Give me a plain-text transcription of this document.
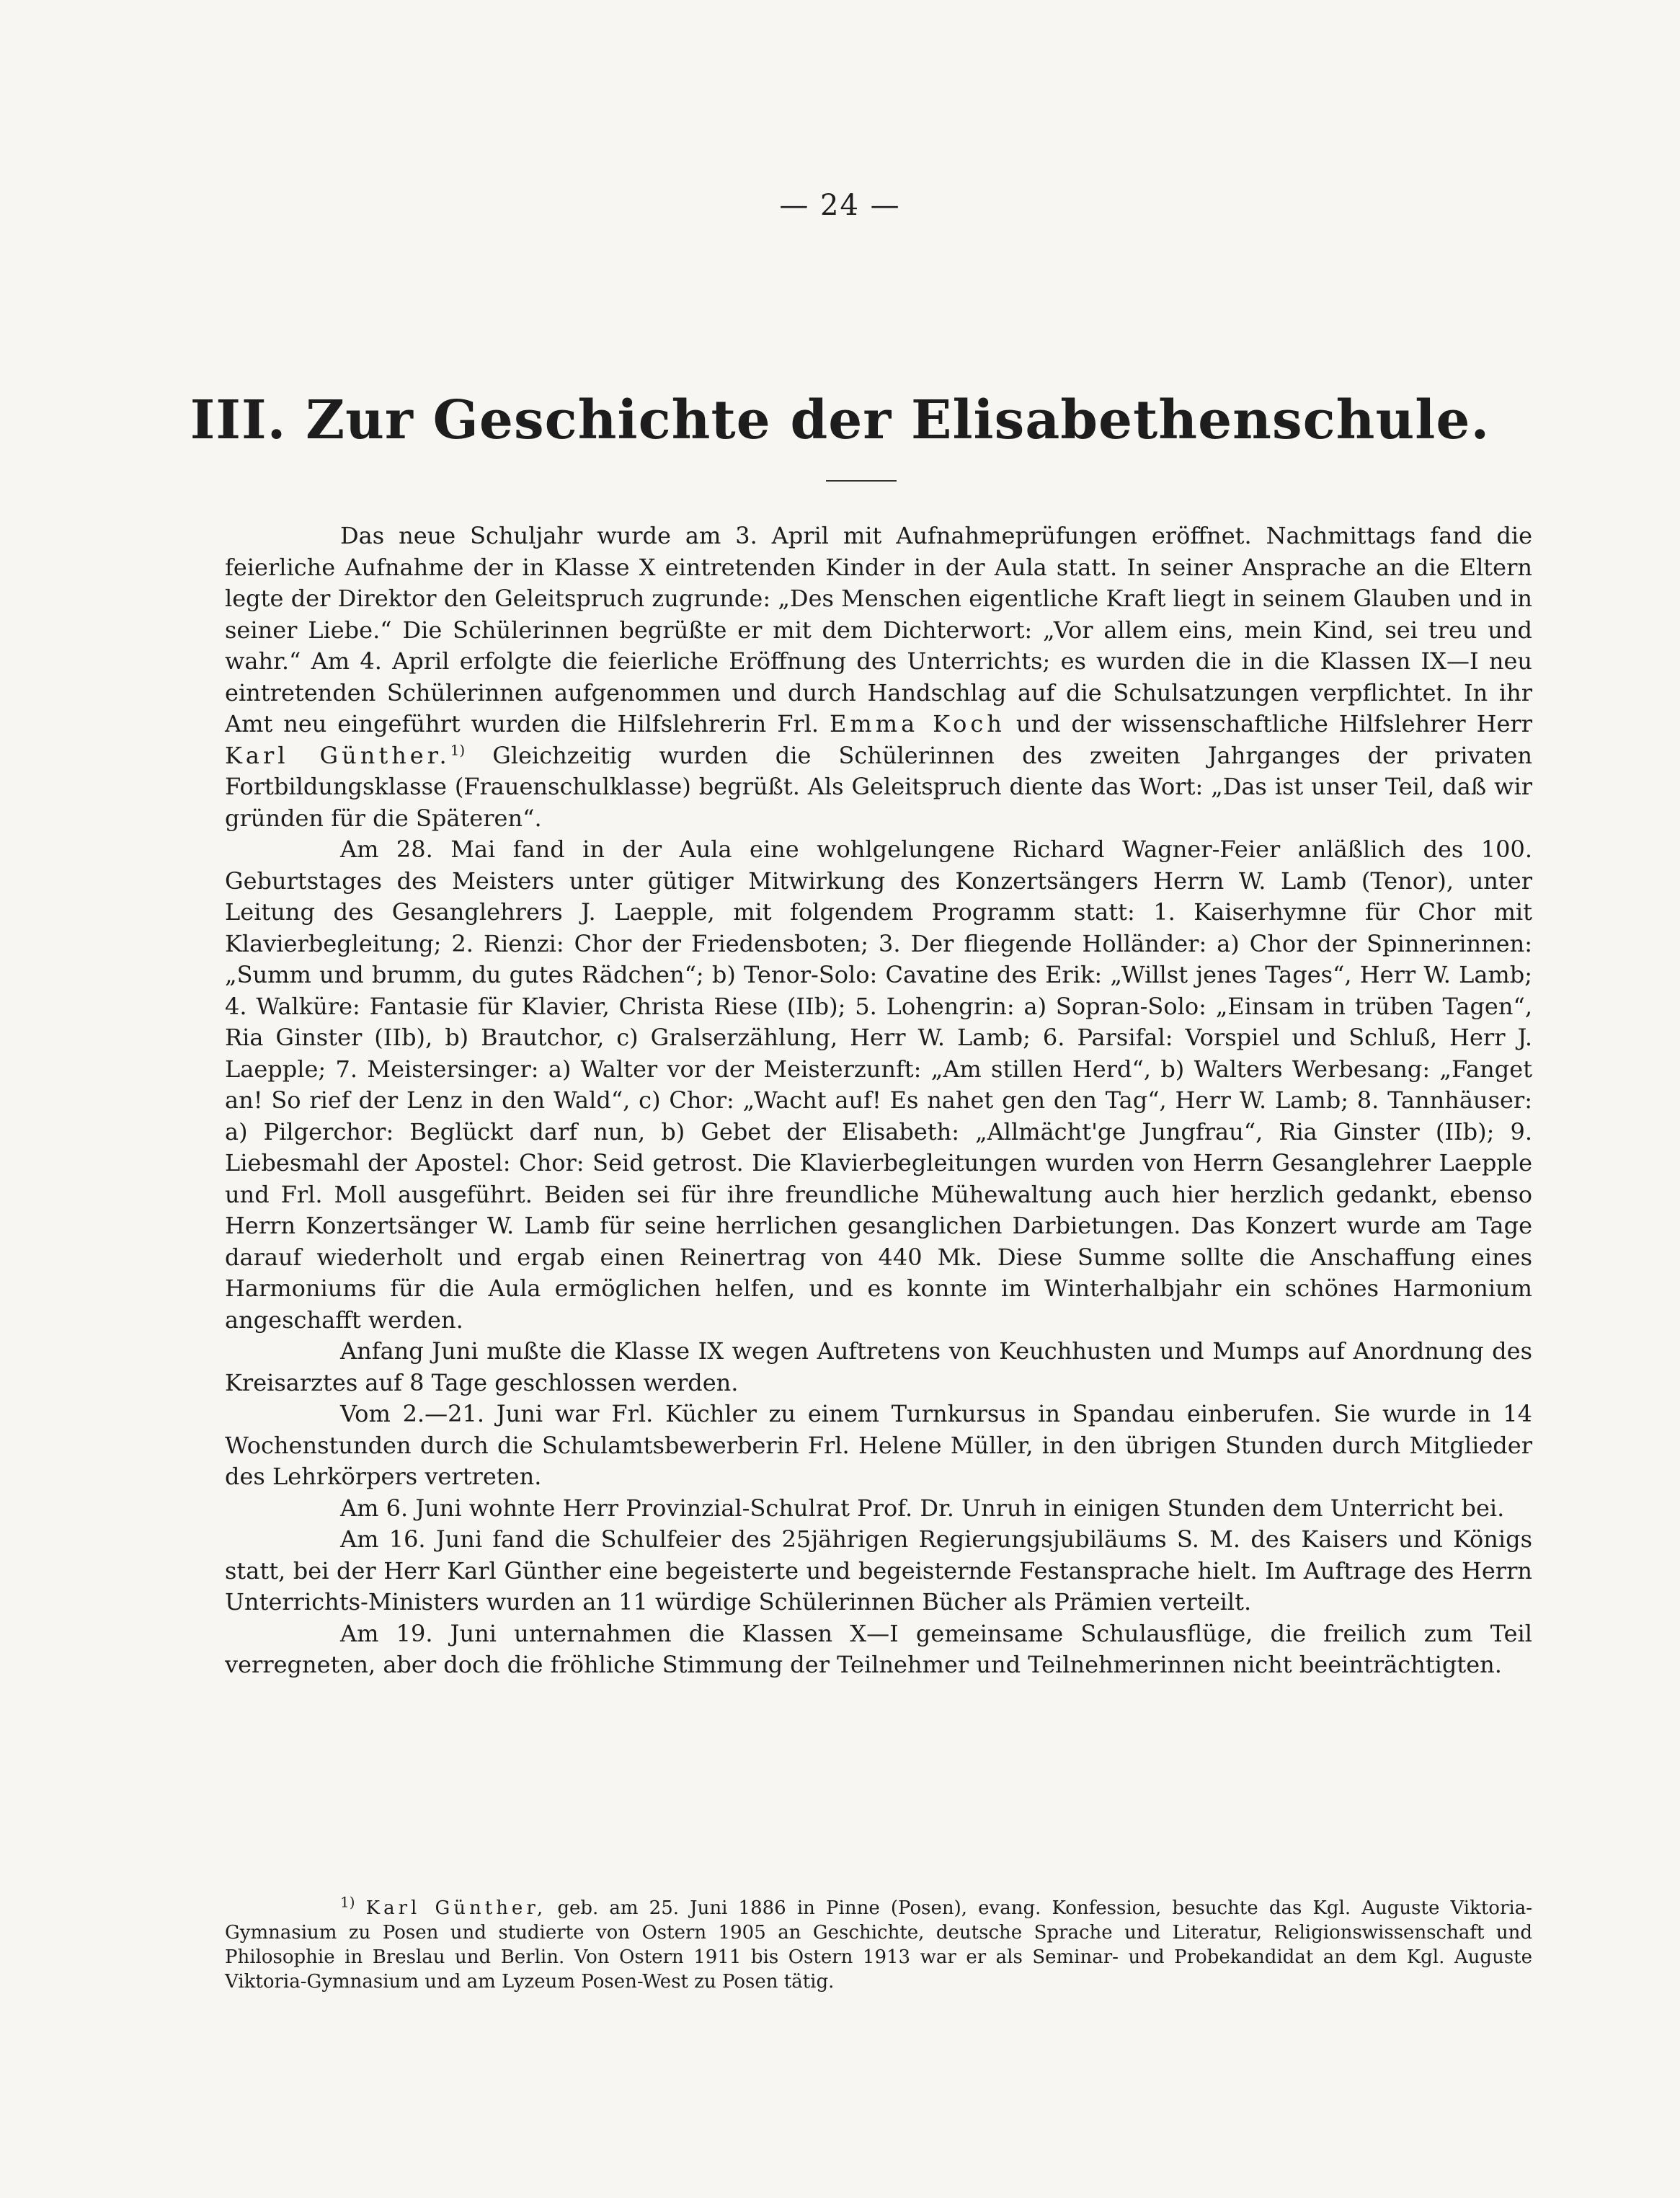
— 24 —
III. Zur Geschichte der Elisabethenschule.

Das neue Schuljahr wurde am 3. April mit Aufnahmeprüfungen eröffnet. Nachmittags fand die feierliche Aufnahme der in Klasse X eintretenden Kinder in der Aula statt. In seiner Ansprache an die Eltern legte der Direktor den Geleitspruch zugrunde: „Des Menschen eigentliche Kraft liegt in seinem Glauben und in seiner Liebe.“ Die Schülerinnen begrüßte er mit dem Dichterwort: „Vor allem eins, mein Kind, sei treu und wahr.“ Am 4. April erfolgte die feierliche Eröffnung des Unterrichts; es wurden die in die Klassen IX—I neu eintretenden Schülerinnen aufgenommen und durch Handschlag auf die Schulsatzungen verpflichtet. In ihr Amt neu eingeführt wurden die Hilfslehrerin Frl. Emma Koch und der wissenschaftliche Hilfslehrer Herr Karl Günther.$^{1)}$ Gleichzeitig wurden die Schülerinnen des zweiten Jahrganges der privaten Fortbildungsklasse (Frauenschulklasse) begrüßt. Als Geleitspruch diente das Wort: „Das ist unser Teil, daß wir gründen für die Späteren“.

Am 28. Mai fand in der Aula eine wohlgelungene Richard Wagner-Feier anläßlich des 100. Geburtstages des Meisters unter gütiger Mitwirkung des Konzertsängers Herrn W. Lamb (Tenor), unter Leitung des Gesanglehrers J. Laepple, mit folgendem Programm statt: 1. Kaiserhymne für Chor mit Klavierbegleitung; 2. Rienzi: Chor der Friedensboten; 3. Der fliegende Holländer: a) Chor der Spinnerinnen: „Summ und brumm, du gutes Rädchen“; b) Tenor-Solo: Cavatine des Erik: „Willst jenes Tages“, Herr W. Lamb; 4. Walküre: Fantasie für Klavier, Christa Riese (IIb); 5. Lohengrin: a) Sopran-Solo: „Einsam in trüben Tagen“, Ria Ginster (IIb), b) Brautchor, c) Gralserzählung, Herr W. Lamb; 6. Parsifal: Vorspiel und Schluß, Herr J. Laepple; 7. Meistersinger: a) Walter vor der Meisterzunft: „Am stillen Herd“, b) Walters Werbesang: „Fanget an! So rief der Lenz in den Wald“, c) Chor: „Wacht auf! Es nahet gen den Tag“, Herr W. Lamb; 8. Tannhäuser: a) Pilgerchor: Beglückt darf nun, b) Gebet der Elisabeth: „Allmächt'ge Jungfrau“, Ria Ginster (IIb); 9. Liebesmahl der Apostel: Chor: Seid getrost. Die Klavierbegleitungen wurden von Herrn Gesanglehrer Laepple und Frl. Moll ausgeführt. Beiden sei für ihre freundliche Mühewaltung auch hier herzlich gedankt, ebenso Herrn Konzertsänger W. Lamb für seine herrlichen gesanglichen Darbietungen. Das Konzert wurde am Tage darauf wiederholt und ergab einen Reinertrag von 440 Mk. Diese Summe sollte die Anschaffung eines Harmoniums für die Aula ermöglichen helfen, und es konnte im Winterhalbjahr ein schönes Harmonium angeschafft werden.

Anfang Juni mußte die Klasse IX wegen Auftretens von Keuchhusten und Mumps auf Anordnung des Kreisarztes auf 8 Tage geschlossen werden.

Vom 2.—21. Juni war Frl. Küchler zu einem Turnkursus in Spandau einberufen. Sie wurde in 14 Wochenstunden durch die Schulamtsbewerberin Frl. Helene Müller, in den übrigen Stunden durch Mitglieder des Lehrkörpers vertreten.

Am 6. Juni wohnte Herr Provinzial-Schulrat Prof. Dr. Unruh in einigen Stunden dem Unterricht bei.

Am 16. Juni fand die Schulfeier des 25jährigen Regierungsjubiläums S. M. des Kaisers und Königs statt, bei der Herr Karl Günther eine begeisterte und begeisternde Festansprache hielt. Im Auftrage des Herrn Unterrichts-Ministers wurden an 11 würdige Schülerinnen Bücher als Prämien verteilt.

Am 19. Juni unternahmen die Klassen X—I gemeinsame Schulausflüge, die freilich zum Teil verregneten, aber doch die fröhliche Stimmung der Teilnehmer und Teilnehmerinnen nicht beeinträchtigten.

$^{1)}$ Karl Günther, geb. am 25. Juni 1886 in Pinne (Posen), evang. Konfession, besuchte das Kgl. Auguste Viktoria-Gymnasium zu Posen und studierte von Ostern 1905 an Geschichte, deutsche Sprache und Literatur, Religionswissenschaft und Philosophie in Breslau und Berlin. Von Ostern 1911 bis Ostern 1913 war er als Seminar- und Probekandidat an dem Kgl. Auguste Viktoria-Gymnasium und am Lyzeum Posen-West zu Posen tätig.
